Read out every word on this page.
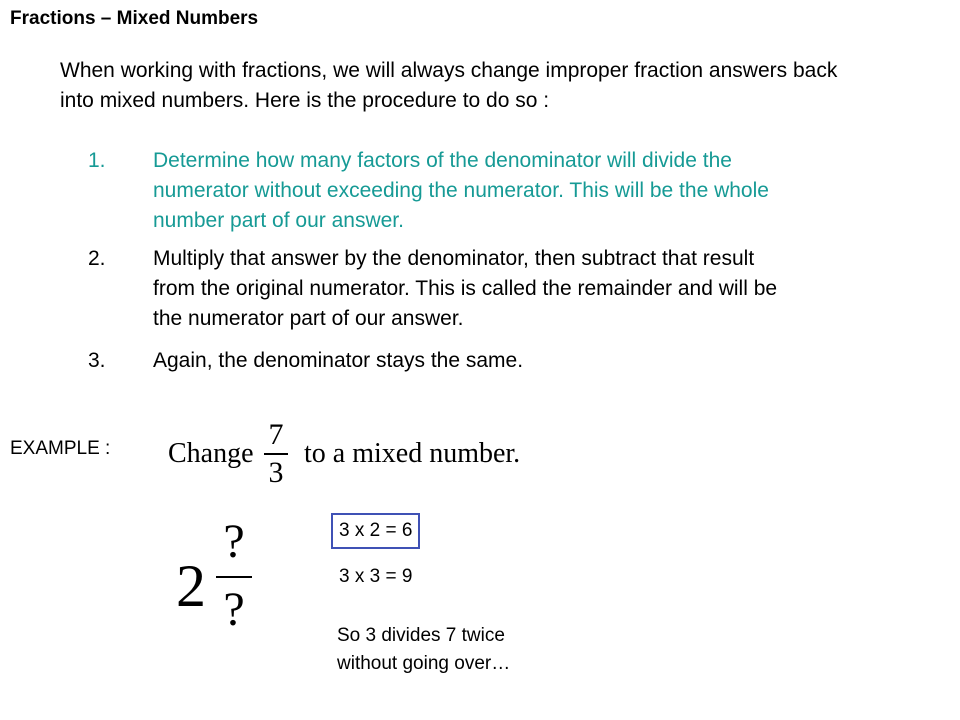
Fractions – Mixed Numbers
When working with fractions, we will always change improper fraction answers back into mixed numbers. Here is the procedure to do so :
1. Determine how many factors of the denominator will divide the
numerator without exceeding the numerator. This will be the whole
number part of our answer.
2. Multiply that answer by the denominator, then subtract that result
from the original numerator. This is called the remainder and will be
the numerator part of our answer.
3. Again, the denominator stays the same.
EXAMPLE : Change
7
3
to a mixed number.
2
?
?
3 x 2 = 6
3 x 3 = 9
So 3 divides 7 twice
without going over…
